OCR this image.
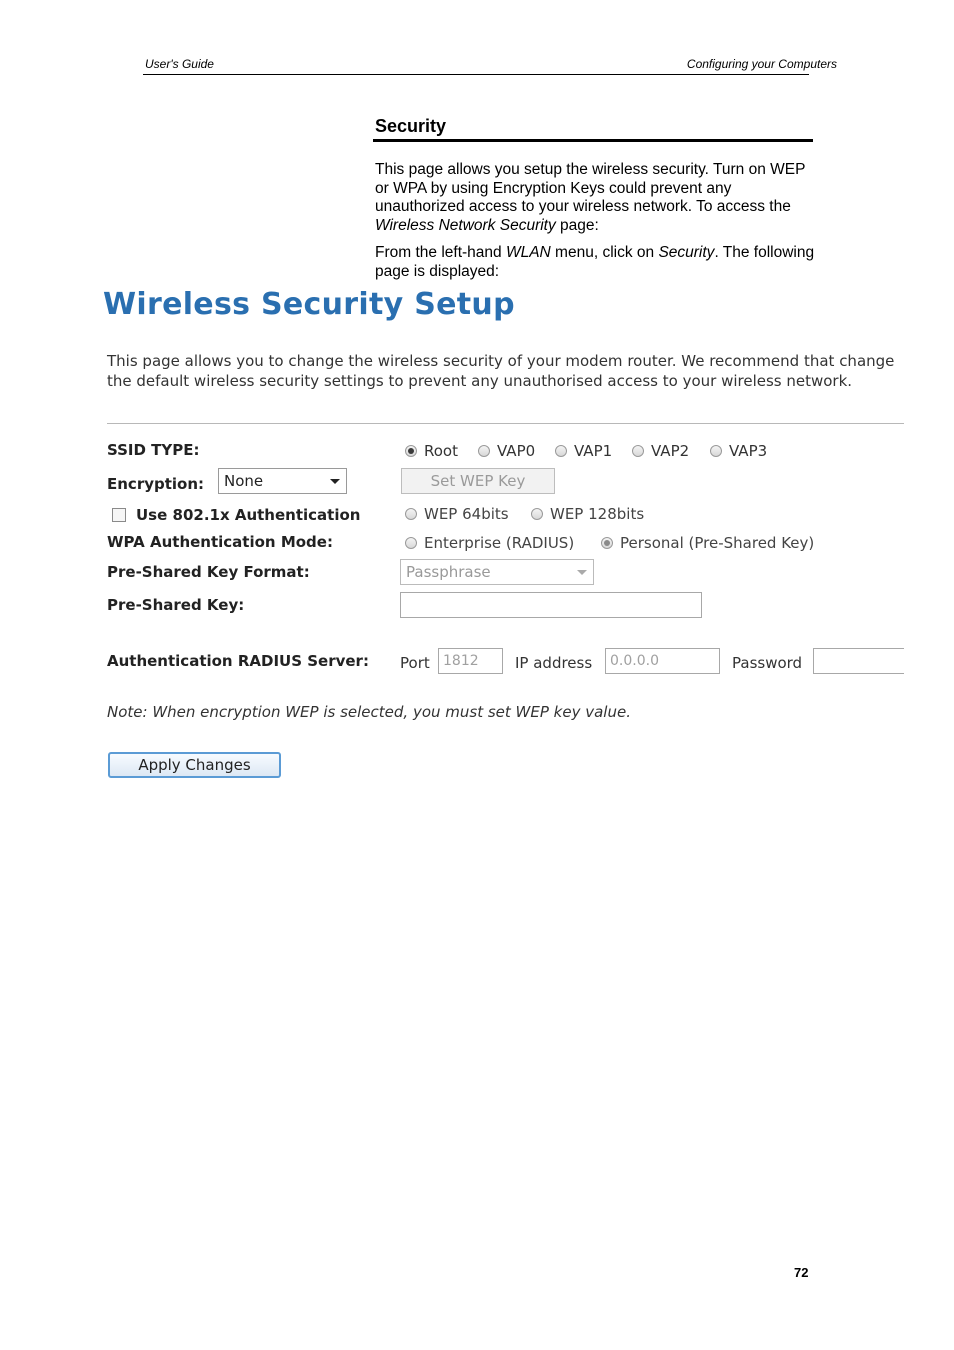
User's Guide	Configuring your Computers
Security
This page allows you setup the wireless security. Turn on WEP or WPA by using Encryption Keys could prevent any unauthorized access to your wireless network. To access the Wireless Network Security page:
From the left-hand WLAN menu, click on Security. The following page is displayed:
Wireless Security Setup
This page allows you to change the wireless security of your modem router. We recommend that change the default wireless security settings to prevent any unauthorised access to your wireless network.
SSID TYPE:	Root	VAP0	VAP1	VAP2	VAP3
Encryption: None	Set WEP Key
Use 802.1x Authentication	WEP 64bits	WEP 128bits
WPA Authentication Mode:	Enterprise (RADIUS)	Personal (Pre-Shared Key)
Pre-Shared Key Format:	Passphrase
Pre-Shared Key:
Authentication RADIUS Server: Port 1812	IP address	0.0.0.0	Password
Note: When encryption WEP is selected, you must set WEP key value.
Apply Changes
72
